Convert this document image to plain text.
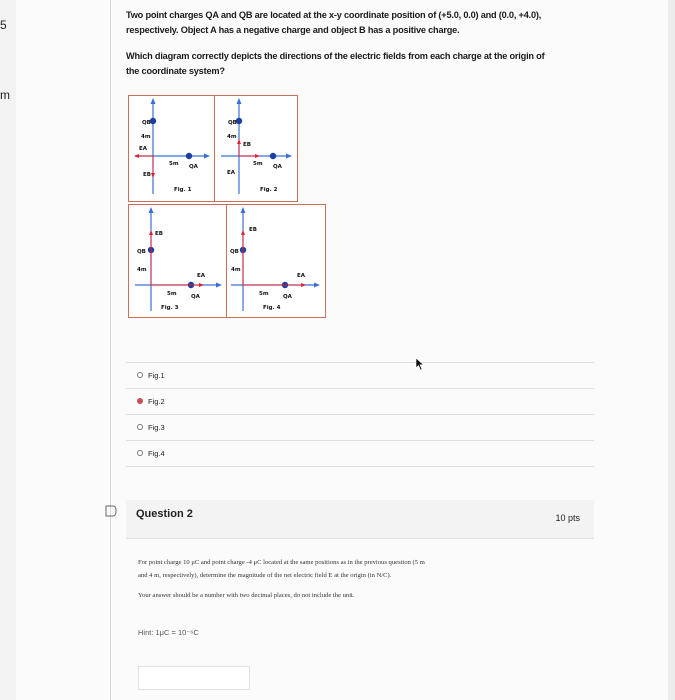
5
m
Two point charges QA and QB are located at the x-y coordinate position of (+5.0, 0.0) and (0.0, +4.0),
respectively. Object A has a negative charge and object B has a positive charge.
Which diagram correctly depicts the directions of the electric fields from each charge at the origin of
the coordinate system?
QB
4m
5m QA
EA
EB
Fig. 1
QB
4m
5m QA
EB
EA
Fig. 2
QB
4m
5m	QA
EB
EA
Fig. 3
QB
4m
5m	QA
EB
EA
Fig. 4
Fig.1
Fig.2
Fig.3
Fig.4
Question 2	10 pts
For point charge 10 μC and point charge -4 μC located at the same positions as in the previous question (5 m
and 4 m, respectively), determine the magnitude of the net electric field E at the origin (in N/C).
Your answer should be a number with two decimal places, do not include the unit.
Hint: 1μC = 10⁻⁶C
